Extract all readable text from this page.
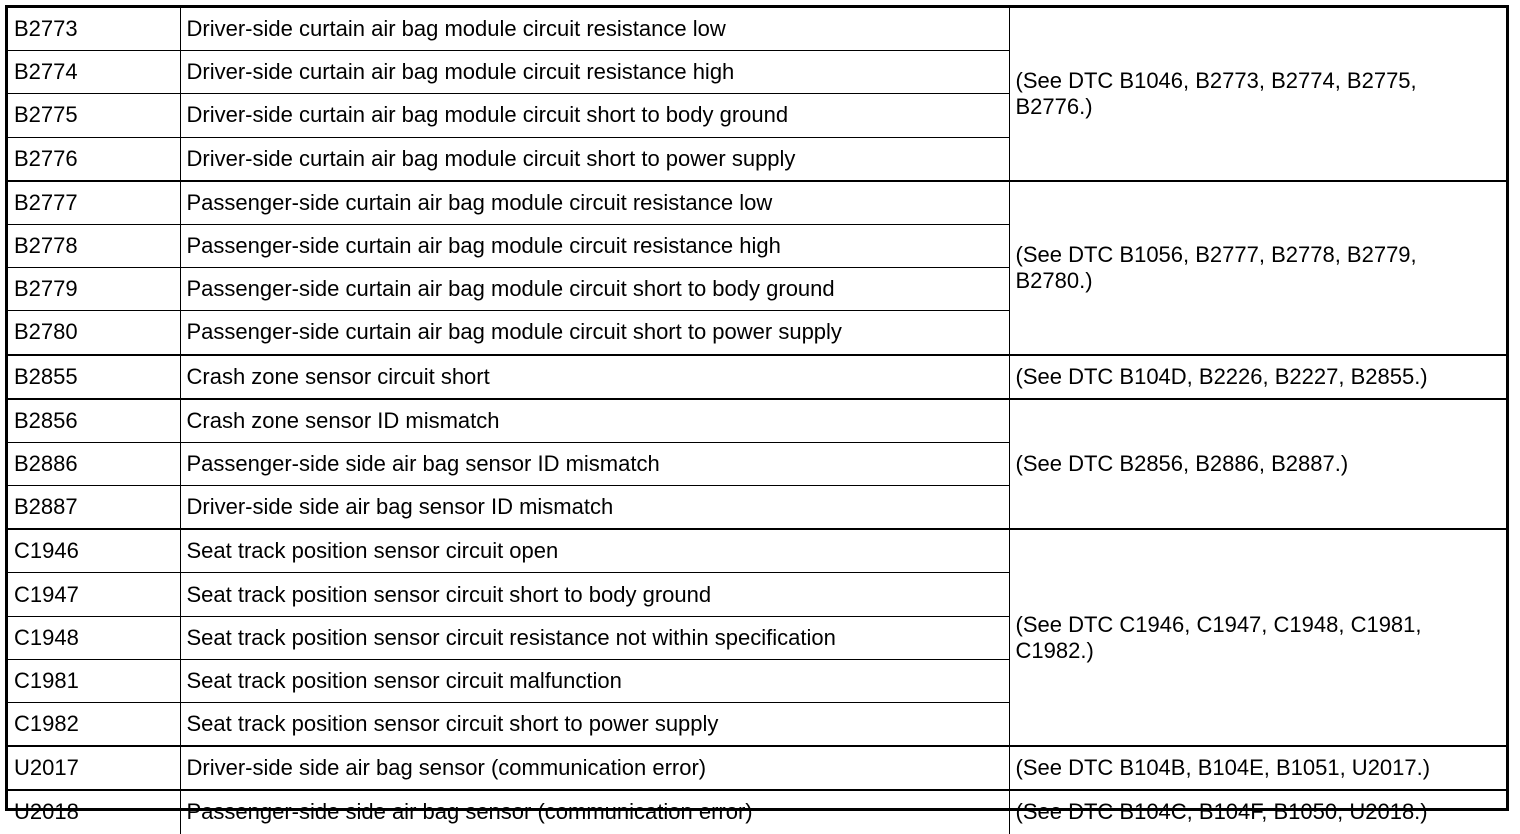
B2773	Driver-side curtain air bag module circuit resistance low	(See DTC B1046, B2773, B2774, B2775, B2776.)
B2774	Driver-side curtain air bag module circuit resistance high	
B2775	Driver-side curtain air bag module circuit short to body ground	
B2776	Driver-side curtain air bag module circuit short to power supply	
B2777	Passenger-side curtain air bag module circuit resistance low	(See DTC B1056, B2777, B2778, B2779, B2780.)
B2778	Passenger-side curtain air bag module circuit resistance high	
B2779	Passenger-side curtain air bag module circuit short to body ground	
B2780	Passenger-side curtain air bag module circuit short to power supply	
B2855	Crash zone sensor circuit short	(See DTC B104D, B2226, B2227, B2855.)
B2856	Crash zone sensor ID mismatch	(See DTC B2856, B2886, B2887.)
B2886	Passenger-side side air bag sensor ID mismatch	
B2887	Driver-side side air bag sensor ID mismatch	
C1946	Seat track position sensor circuit open	(See DTC C1946, C1947, C1948, C1981, C1982.)
C1947	Seat track position sensor circuit short to body ground	
C1948	Seat track position sensor circuit resistance not within specification	
C1981	Seat track position sensor circuit malfunction	
C1982	Seat track position sensor circuit short to power supply	
U2017	Driver-side side air bag sensor (communication error)	(See DTC B104B, B104E, B1051, U2017.)
U2018	Passenger-side side air bag sensor (communication error)	(See DTC B104C, B104F, B1050, U2018.)
